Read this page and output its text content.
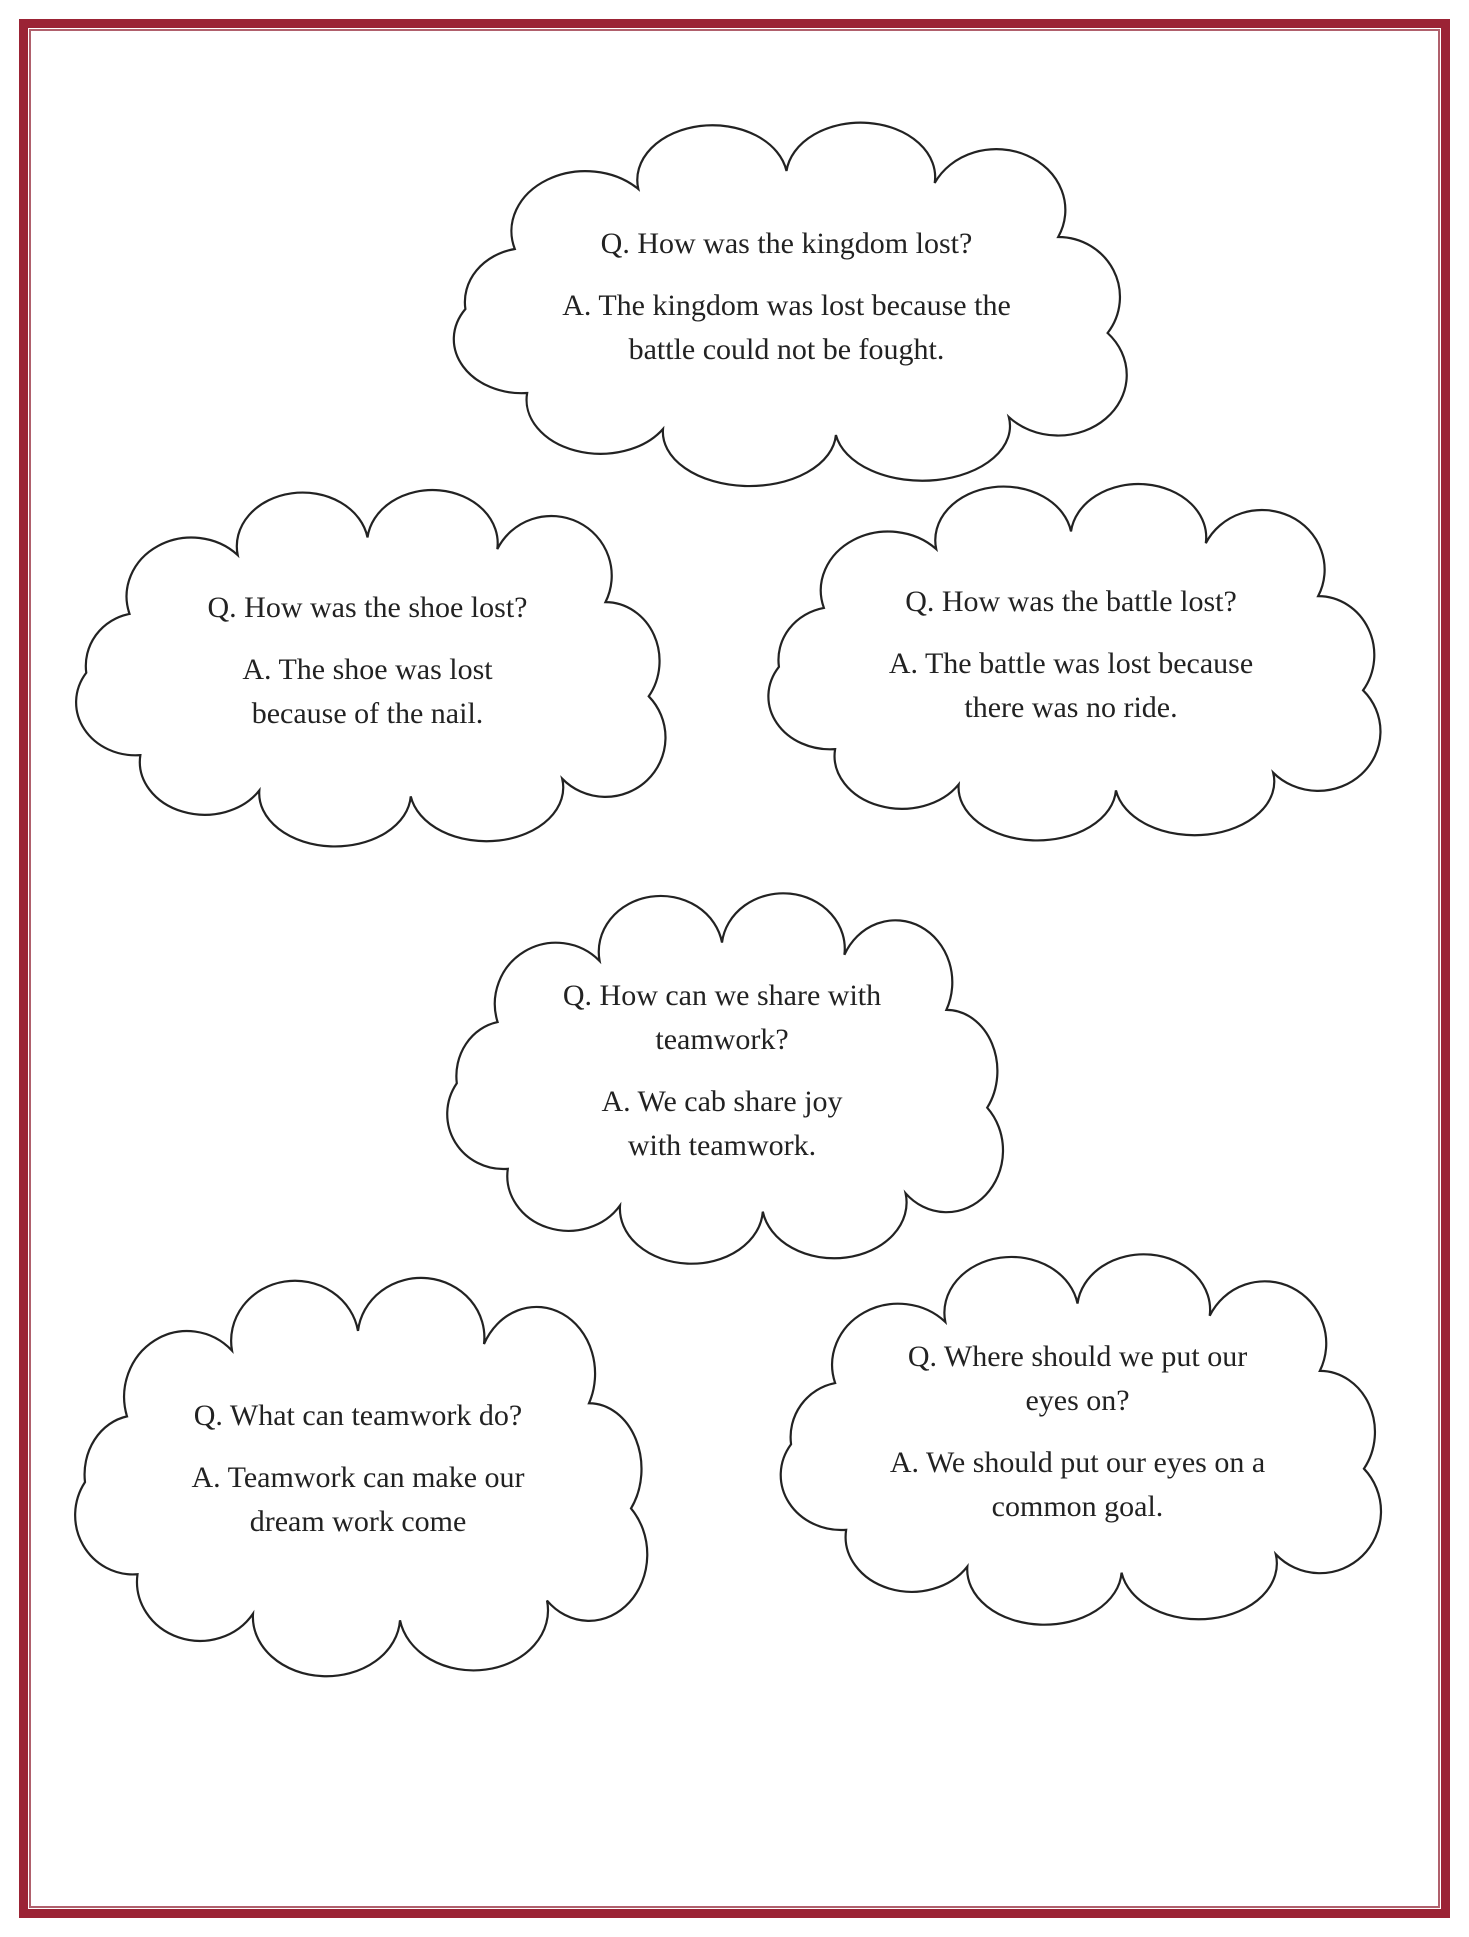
Q. How was the kingdom lost?
A. The kingdom was lost because the battle could not be fought.
Q. How was the shoe lost?
A. The shoe was lost because of the nail.
Q. How was the battle lost?
A. The battle was lost because there was no ride.
Q. How can we share with teamwork?
A. We cab share joy with teamwork.
Q. What can teamwork do?
A. Teamwork can make our dream work come
Q. Where should we put our eyes on?
A. We should put our eyes on a common goal.
